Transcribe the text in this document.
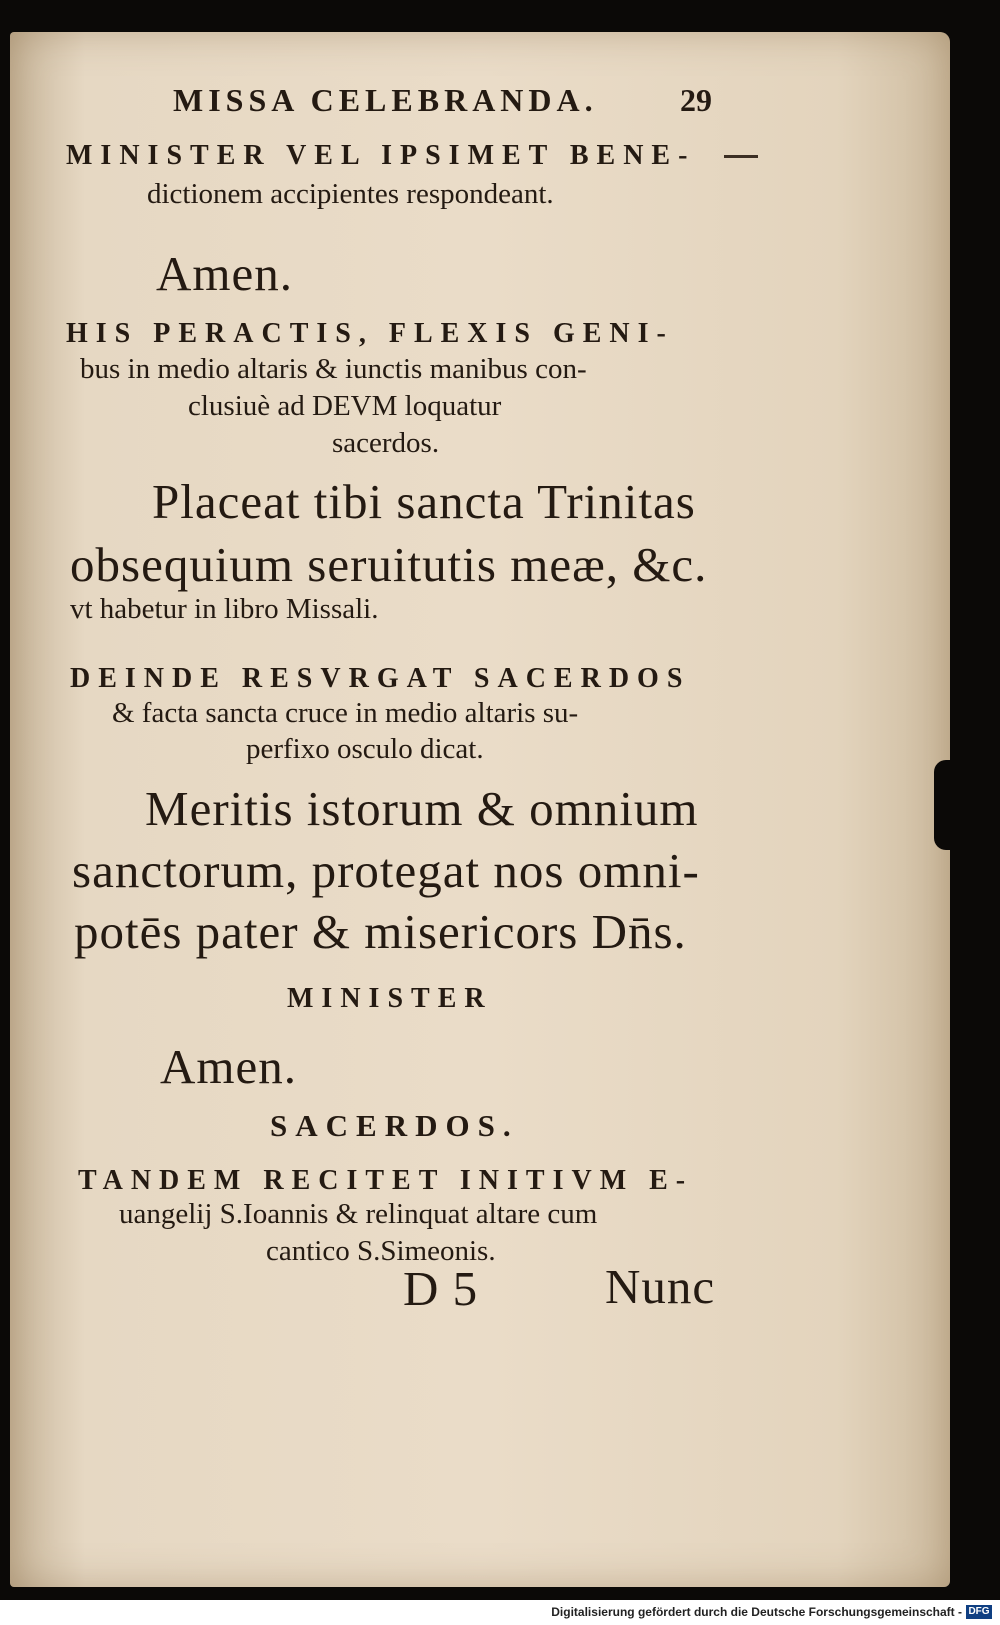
MISSA CELEBRANDA.	29
MINISTER VEL IPSIMET BENE-
dictionem accipientes respondeant.
Amen.
HIS PERACTIS, FLEXIS GENI-
bus in medio altaris & iunctis manibus con-
clusiuè ad DEVM loquatur
sacerdos.
Placeat tibi sancta Trinitas
obsequium seruitutis meæ, &c.
vt habetur in libro Missali.
DEINDE RESVRGAT SACERDOS
& facta sancta cruce in medio altaris su-
perfixo osculo dicat.
Meritis istorum & omnium
sanctorum, protegat nos omni-
potēs pater & misericors Dn̄s.
MINISTER
Amen.
SACERDOS.
TANDEM RECITET INITIVM E-
uangelij S.Ioannis & relinquat altare cum
cantico S.Simeonis.
D 5	Nunc
Digitalisierung gefördert durch die Deutsche Forschungsgemeinschaft - DFG
